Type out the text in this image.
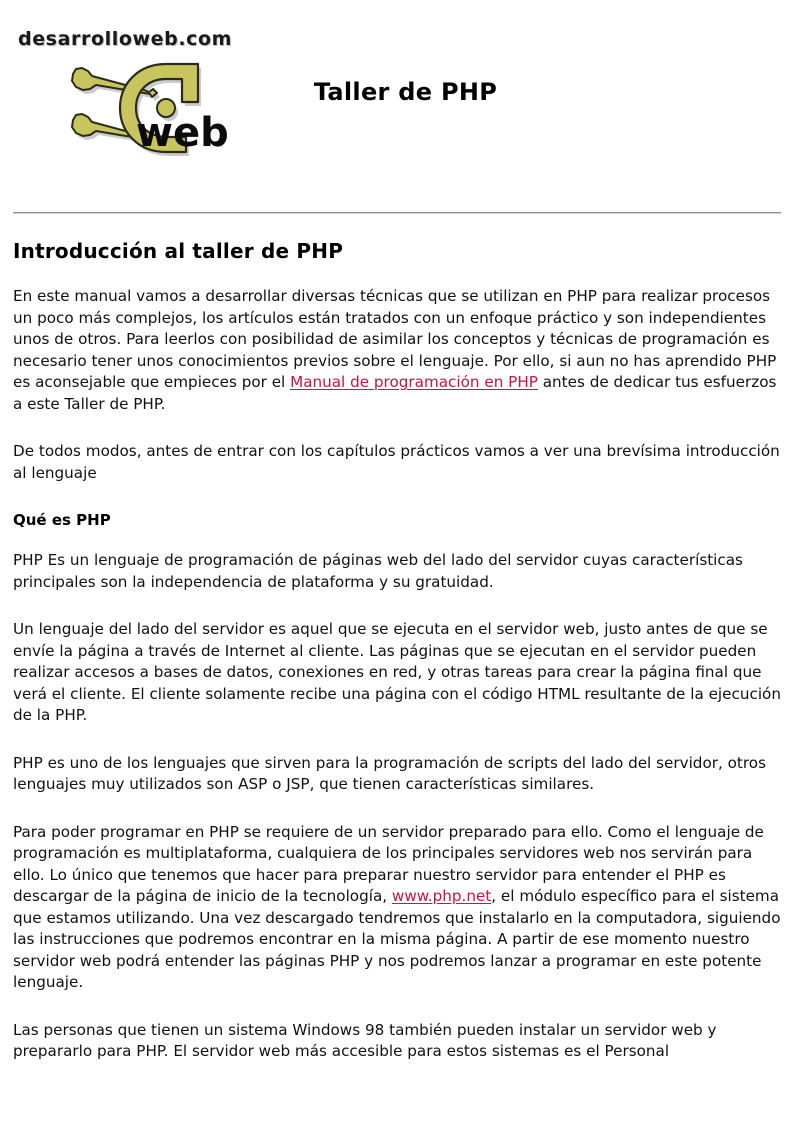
desarrolloweb.com
web
Taller de PHP
Introducción al taller de PHP

En este manual vamos a desarrollar diversas técnicas que se utilizan en PHP para realizar procesos un poco más complejos, los artículos están tratados con un enfoque práctico y son independientes unos de otros. Para leerlos con posibilidad de asimilar los conceptos y técnicas de programación es necesario tener unos conocimientos previos sobre el lenguaje. Por ello, si aun no has aprendido PHP es aconsejable que empieces por el Manual de programación en PHP antes de dedicar tus esfuerzos a este Taller de PHP.

De todos modos, antes de entrar con los capítulos prácticos vamos a ver una brevísima introducción al lenguaje

Qué es PHP

PHP Es un lenguaje de programación de páginas web del lado del servidor cuyas características principales son la independencia de plataforma y su gratuidad.

Un lenguaje del lado del servidor es aquel que se ejecuta en el servidor web, justo antes de que se envíe la página a través de Internet al cliente. Las páginas que se ejecutan en el servidor pueden realizar accesos a bases de datos, conexiones en red, y otras tareas para crear la página final que verá el cliente. El cliente solamente recibe una página con el código HTML resultante de la ejecución de la PHP.

PHP es uno de los lenguajes que sirven para la programación de scripts del lado del servidor, otros lenguajes muy utilizados son ASP o JSP, que tienen características similares.

Para poder programar en PHP se requiere de un servidor preparado para ello. Como el lenguaje de programación es multiplataforma, cualquiera de los principales servidores web nos servirán para ello. Lo único que tenemos que hacer para preparar nuestro servidor para entender el PHP es descargar de la página de inicio de la tecnología, www.php.net, el módulo específico para el sistema que estamos utilizando. Una vez descargado tendremos que instalarlo en la computadora, siguiendo las instrucciones que podremos encontrar en la misma página. A partir de ese momento nuestro servidor web podrá entender las páginas PHP y nos podremos lanzar a programar en este potente lenguaje.

Las personas que tienen un sistema Windows 98 también pueden instalar un servidor web y prepararlo para PHP. El servidor web más accesible para estos sistemas es el Personal
